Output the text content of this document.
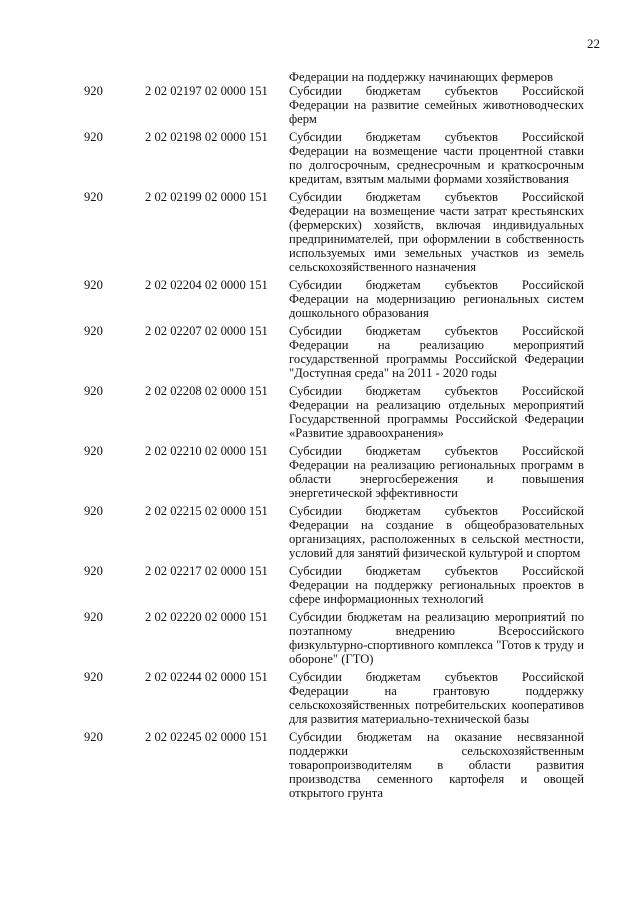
22
Федерации на поддержку начинающих фермеров
920	2 02 02197 02 0000 151 Субсидии бюджетам субъектов Российской Федерации на развитие семейных животноводческих ферм
920	2 02 02198 02 0000 151 Субсидии бюджетам субъектов Российской Федерации на возмещение части процентной ставки по долгосрочным, среднесрочным и краткосрочным кредитам, взятым малыми формами хозяйствования
920	2 02 02199 02 0000 151 Субсидии бюджетам субъектов Российской Федерации на возмещение части затрат крестьянских (фермерских) хозяйств, включая индивидуальных предпринимателей, при оформлении в собственность используемых ими земельных участков из земель сельскохозяйственного назначения
920	2 02 02204 02 0000 151 Субсидии бюджетам субъектов Российской Федерации на модернизацию региональных систем дошкольного образования
920	2 02 02207 02 0000 151 Субсидии бюджетам субъектов Российской Федерации на реализацию мероприятий государственной программы Российской Федерации "Доступная среда" на 2011 - 2020 годы
920	2 02 02208 02 0000 151 Субсидии бюджетам субъектов Российской Федерации на реализацию отдельных мероприятий Государственной программы Российской Федерации «Развитие здравоохранения»
920	2 02 02210 02 0000 151 Субсидии бюджетам субъектов Российской Федерации на реализацию региональных программ в области энергосбережения и повышения энергетической эффективности
920	2 02 02215 02 0000 151 Субсидии бюджетам субъектов Российской Федерации на создание в общеобразовательных организациях, расположенных в сельской местности, условий для занятий физической культурой и спортом
920	2 02 02217 02 0000 151 Субсидии бюджетам субъектов Российской Федерации на поддержку региональных проектов в сфере информационных технологий
920	2 02 02220 02 0000 151 Субсидии бюджетам на реализацию мероприятий по поэтапному внедрению Всероссийского физкультурно-спортивного комплекса "Готов к труду и обороне" (ГТО)
920	2 02 02244 02 0000 151 Субсидии бюджетам субъектов Российской Федерации на грантовую поддержку сельскохозяйственных потребительских кооперативов для развития материально-технической базы
920	2 02 02245 02 0000 151 Субсидии бюджетам на оказание несвязанной поддержки сельскохозяйственным товаропроизводителям в области развития производства семенного картофеля и овощей открытого грунта
